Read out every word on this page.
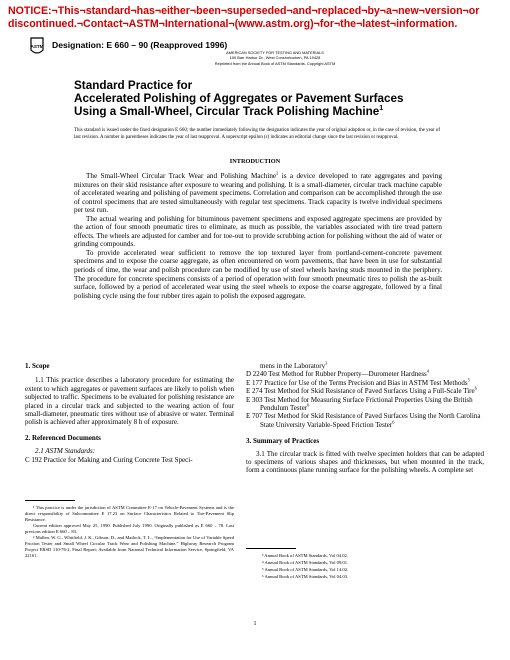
NOTICE:¬This¬standard¬has¬either¬been¬superseded¬and¬replaced¬by¬a¬new¬version¬or discontinued.¬Contact¬ASTM¬International¬(www.astm.org)¬for¬the¬latest¬information.
ASTM Designation: E 660 – 90 (Reapproved 1996)
AMERICAN SOCIETY FOR TESTING AND MATERIALS
100 Barr Harbor Dr., West Conshohocken, PA 19428
Reprinted from the Annual Book of ASTM Standards. Copyright ASTM
Standard Practice for
Accelerated Polishing of Aggregates or Pavement Surfaces
Using a Small-Wheel, Circular Track Polishing Machine$^1$
This standard is issued under the fixed designation E 660; the number immediately following the designation indicates the year of original adoption or, in the case of revision, the year of last revision. A number in parentheses indicates the year of last reapproval. A superscript epsilon (ε) indicates an editorial change since the last revision or reapproval.
INTRODUCTION

The Small-Wheel Circular Track Wear and Polishing Machine$^2$ is a device developed to rate aggregates and paving mixtures on their skid resistance after exposure to wearing and polishing. It is a small-diameter, circular track machine capable of accelerated wearing and polishing of pavement specimens. Correlation and comparison can be accomplished through the use of control specimens that are tested simultaneously with regular test specimens. Track capacity is twelve individual specimens per test run.

The actual wearing and polishing for bituminous pavement specimens and exposed aggregate specimens are provided by the action of four smooth pneumatic tires to eliminate, as much as possible, the variables associated with tire tread pattern effects. The wheels are adjusted for camber and for toe-out to provide scrubbing action for polishing without the aid of water or grinding compounds.

To provide accelerated wear sufficient to remove the top textured layer from portland-cement-concrete pavement specimens and to expose the coarse aggregate, as often encountered on worn pavements, that have been in use for substantial periods of time, the wear and polish procedure can be modified by use of steel wheels having studs mounted in the periphery. The procedure for concrete specimens consists of a period of operation with four smooth pneumatic tires to polish the as-built surface, followed by a period of accelerated wear using the steel wheels to expose the coarse aggregate, followed by a final polishing cycle using the four rubber tires again to polish the exposed aggregate.

1. Scope

1.1 This practice describes a laboratory procedure for estimating the extent to which aggregates or pavement surfaces are likely to polish when subjected to traffic. Specimens to be evaluated for polishing resistance are placed in a circular track and subjected to the wearing action of four small-diameter, pneumatic tires without use of abrasive or water. Terminal polish is achieved after approximately 8 h of exposure.

2. Referenced Documents

2.1 ASTM Standards:

C 192 Practice for Making and Curing Concrete Test Speci-

¹ This practice is under the jurisdiction of ASTM Committee E-17 on Vehicle-Pavement Systems and is the direct responsibility of Subcommittee E 17.23 on Surface Characteristics Related to Tire-Pavement Slip Resistance.

Current edition approved May 25, 1990. Published July 1990. Originally published as E 660 – 78. Last previous edition E 660 – 83.

² Mullen, W. G., Whitfield, J. K., Gibson, D., and Matlock, T. L., “Implementation for Use of Variable Speed Friction Tester and Small Wheel Circular Track Wear and Polishing Machine,” Highway Research Program Project ERSD 110-76-2, Final Report; Available from National Technical Information Service, Springfield, VA 22161.

mens in the Laboratory$^3$

D 2240 Test Method for Rubber Property—Durometer Hardness$^4$

E 177 Practice for Use of the Terms Precision and Bias in ASTM Test Methods$^5$

E 274 Test Method for Skid Resistance of Paved Surfaces Using a Full-Scale Tire$^6$

E 303 Test Method for Measuring Surface Frictional Properties Using the British Pendulum Tester$^6$

E 707 Test Method for Skid Resistance of Paved Surfaces Using the North Carolina State University Variable-Speed Friction Tester$^6$

3. Summary of Practices

3.1 The circular track is fitted with twelve specimen holders that can be adapted to specimens of various shapes and thicknesses, but when mounted in the track, form a continuous plane running surface for the polishing wheels. A complete set

³ Annual Book of ASTM Standards, Vol 04.02.

⁴ Annual Book of ASTM Standards, Vol 09.01.

⁵ Annual Book of ASTM Standards, Vol 14.02.

⁶ Annual Book of ASTM Standards, Vol 04.03.

1
